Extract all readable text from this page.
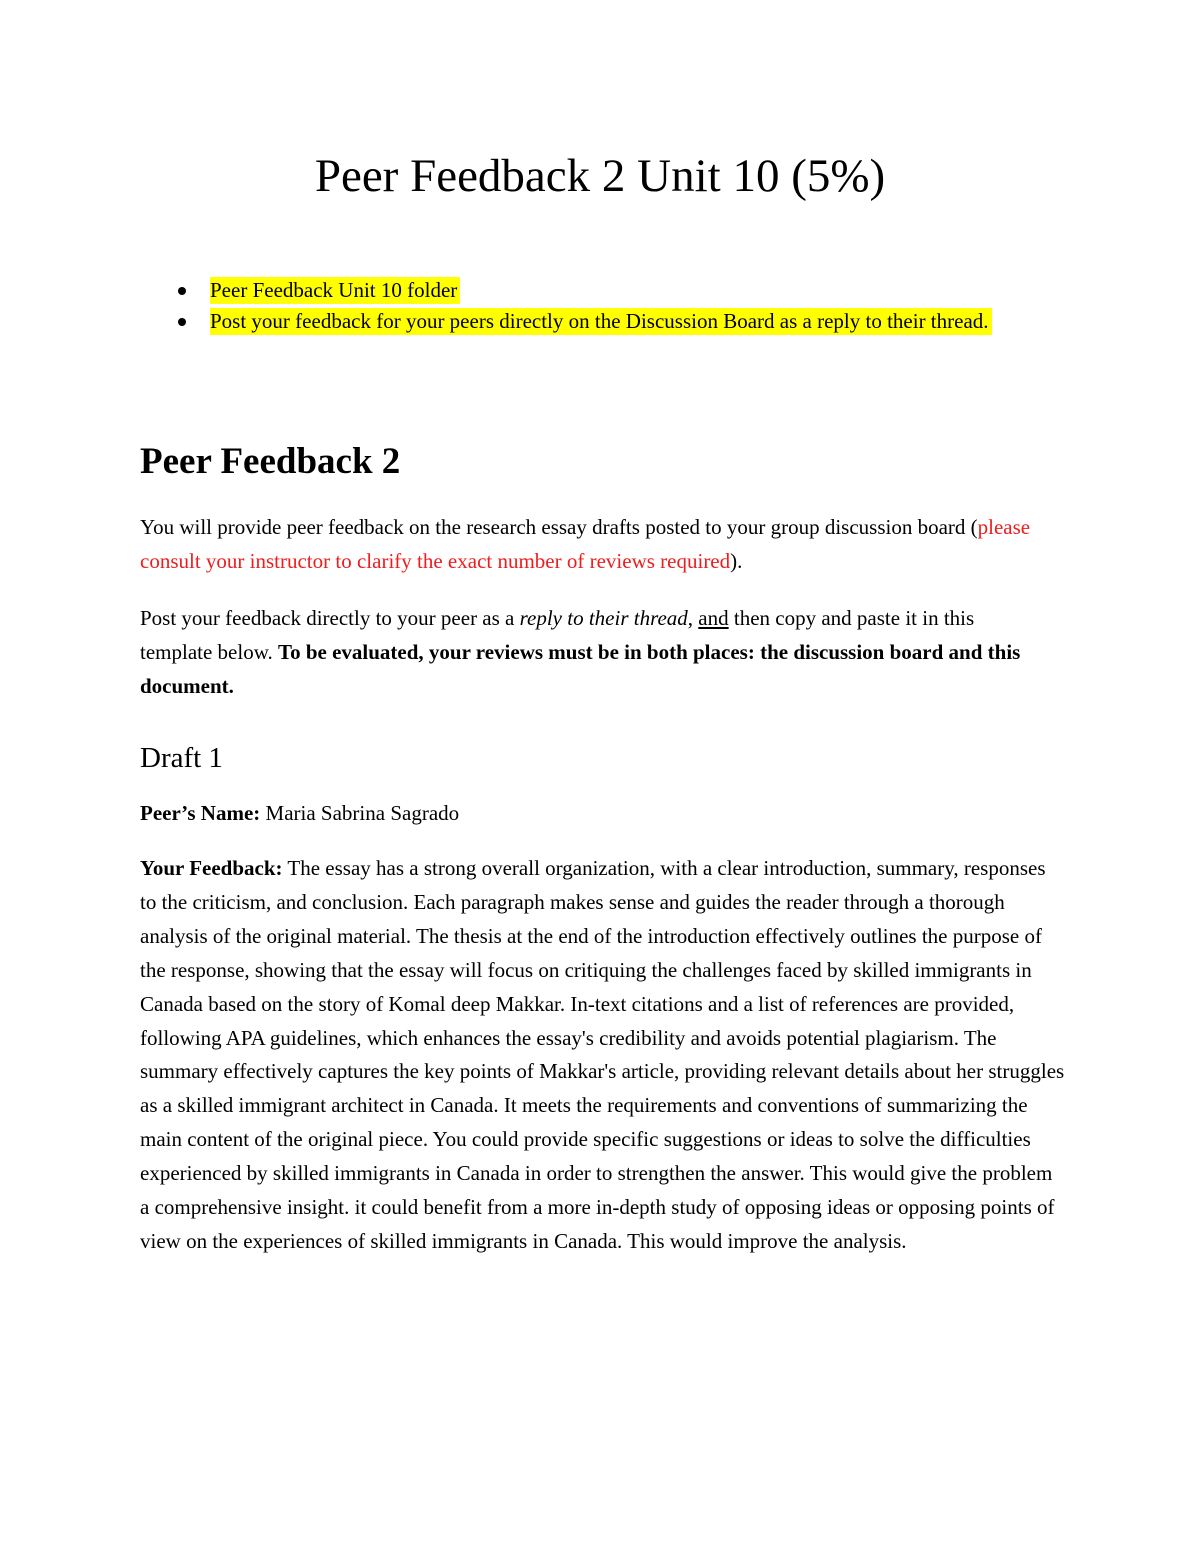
Peer Feedback 2 Unit 10 (5%)
Peer Feedback Unit 10 folder
Post your feedback for your peers directly on the Discussion Board as a reply to their thread.
Peer Feedback 2

You will provide peer feedback on the research essay drafts posted to your group discussion board (please consult your instructor to clarify the exact number of reviews required).

Post your feedback directly to your peer as a reply to their thread, and then copy and paste it in this template below. To be evaluated, your reviews must be in both places: the discussion board and this document.

Draft 1

Peer’s Name: Maria Sabrina Sagrado

Your Feedback: The essay has a strong overall organization, with a clear introduction, summary, responses to the criticism, and conclusion. Each paragraph makes sense and guides the reader through a thorough analysis of the original material. The thesis at the end of the introduction effectively outlines the purpose of the response, showing that the essay will focus on critiquing the challenges faced by skilled immigrants in Canada based on the story of Komal deep Makkar. In-text citations and a list of references are provided, following APA guidelines, which enhances the essay's credibility and avoids potential plagiarism. The summary effectively captures the key points of Makkar's article, providing relevant details about her struggles as a skilled immigrant architect in Canada. It meets the requirements and conventions of summarizing the main content of the original piece. You could provide specific suggestions or ideas to solve the difficulties experienced by skilled immigrants in Canada in order to strengthen the answer. This would give the problem a comprehensive insight. it could benefit from a more in-depth study of opposing ideas or opposing points of view on the experiences of skilled immigrants in Canada. This would improve the analysis.
